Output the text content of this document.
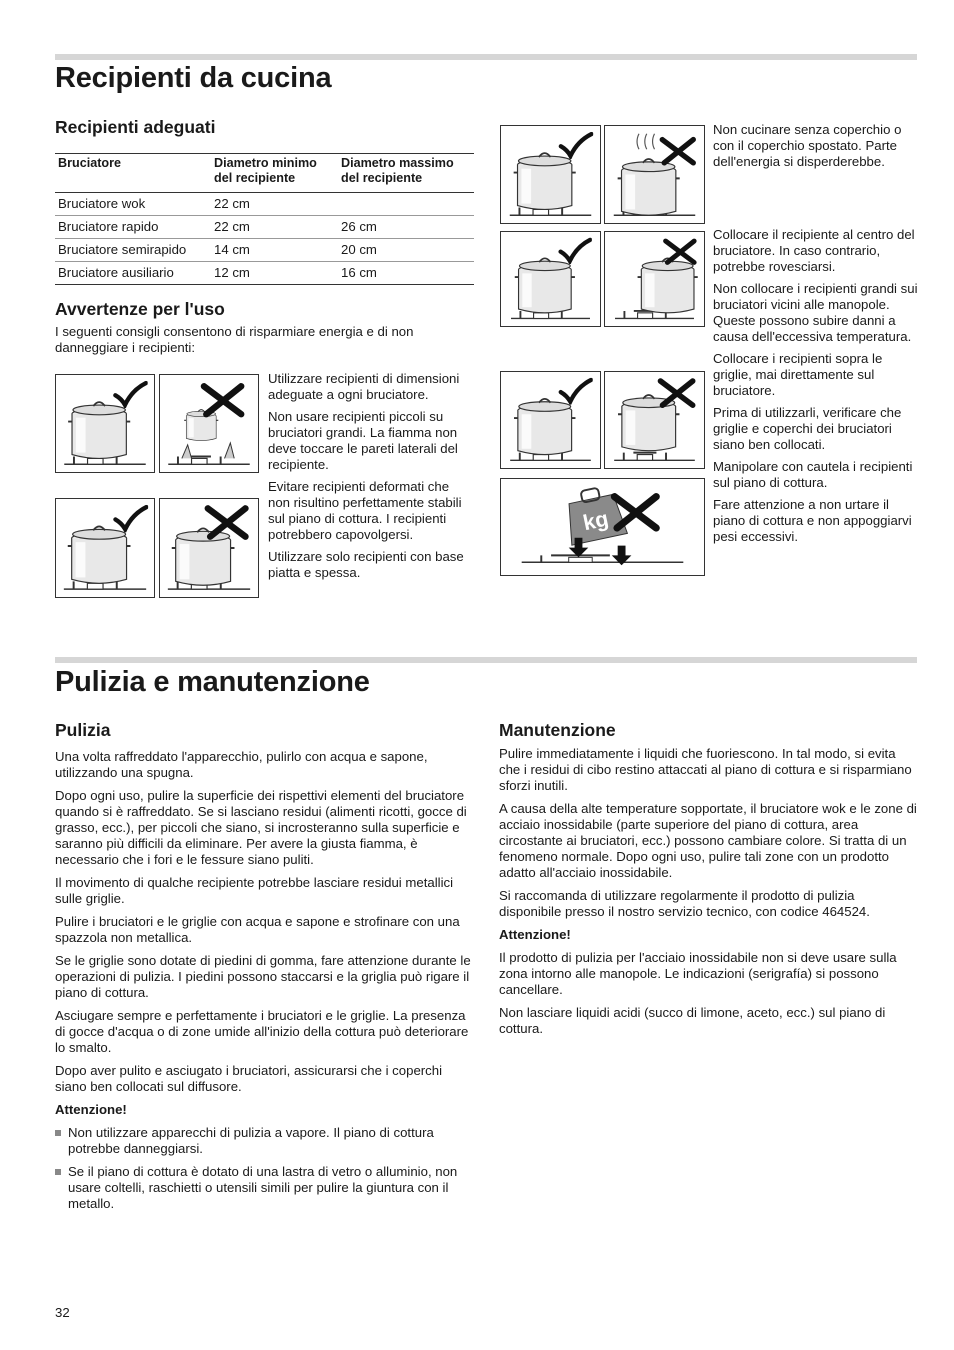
Recipienti da cucina
Recipienti adeguati
Bruciatore	Diametro minimo del recipiente	Diametro massimo del recipiente
Bruciatore wok	22 cm	
Bruciatore rapido	22 cm	26 cm
Bruciatore semirapido	14 cm	20 cm
Bruciatore ausiliario	12 cm	16 cm
Avvertenze per l'uso
I seguenti consigli consentono di risparmiare energia e di non danneggiare i recipienti:

Utilizzare recipienti di dimensioni adeguate a ogni bruciatore.

Non usare recipienti piccoli su bruciatori grandi. La fiamma non deve toccare le pareti laterali del recipiente.

Evitare recipienti deformati che non risultino perfettamente stabili sul piano di cottura. I recipienti potrebbero capovolgersi.

Utilizzare solo recipienti con base piatta e spessa.

kg

Non cucinare senza coperchio o con il coperchio spostato. Parte dell'energia si disperderebbe.

Collocare il recipiente al centro del bruciatore. In caso contrario, potrebbe rovesciarsi.

Non collocare i recipienti grandi sui bruciatori vicini alle manopole. Queste possono subire danni a causa dell'eccessiva temperatura.

Collocare i recipienti sopra le griglie, mai direttamente sul bruciatore.

Prima di utilizzarli, verificare che griglie e coperchi dei bruciatori siano ben collocati.

Manipolare con cautela i recipienti sul piano di cottura.

Fare attenzione a non urtare il piano di cottura e non appoggiarvi pesi eccessivi.

Pulizia e manutenzione
Pulizia

Una volta raffreddato l'apparecchio, pulirlo con acqua e sapone, utilizzando una spugna.

Dopo ogni uso, pulire la superficie dei rispettivi elementi del bruciatore quando si è raffreddato. Se si lasciano residui (alimenti ricotti, gocce di grasso, ecc.), per piccoli che siano, si incrosteranno sulla superficie e saranno più difficili da eliminare. Per avere la giusta fiamma, è necessario che i fori e le fessure siano puliti.

Il movimento di qualche recipiente potrebbe lasciare residui metallici sulle griglie.

Pulire i bruciatori e le griglie con acqua e sapone e strofinare con una spazzola non metallica.

Se le griglie sono dotate di piedini di gomma, fare attenzione durante le operazioni di pulizia. I piedini possono staccarsi e la griglia può rigare il piano di cottura.

Asciugare sempre e perfettamente i bruciatori e le griglie. La presenza di gocce d'acqua o di zone umide all'inizio della cottura può deteriorare lo smalto.

Dopo aver pulito e asciugato i bruciatori, assicurarsi che i coperchi siano ben collocati sul diffusore.

Attenzione!

Non utilizzare apparecchi di pulizia a vapore. Il piano di cottura potrebbe danneggiarsi.
Se il piano di cottura è dotato di una lastra di vetro o alluminio, non usare coltelli, raschietti o utensili simili per pulire la giuntura con il metallo.
Manutenzione

Pulire immediatamente i liquidi che fuoriescono. In tal modo, si evita che i residui di cibo restino attaccati al piano di cottura e si risparmiano sforzi inutili.

A causa della alte temperature sopportate, il bruciatore wok e le zone di acciaio inossidabile (parte superiore del piano di cottura, area circostante ai bruciatori, ecc.) possono cambiare colore. Si tratta di un fenomeno normale. Dopo ogni uso, pulire tali zone con un prodotto adatto all'acciaio inossidabile.

Si raccomanda di utilizzare regolarmente il prodotto di pulizia disponibile presso il nostro servizio tecnico, con codice 464524.

Attenzione!

Il prodotto di pulizia per l'acciaio inossidabile non si deve usare sulla zona intorno alle manopole. Le indicazioni (serigrafía) si possono cancellare.

Non lasciare liquidi acidi (succo di limone, aceto, ecc.) sul piano di cottura.

32
